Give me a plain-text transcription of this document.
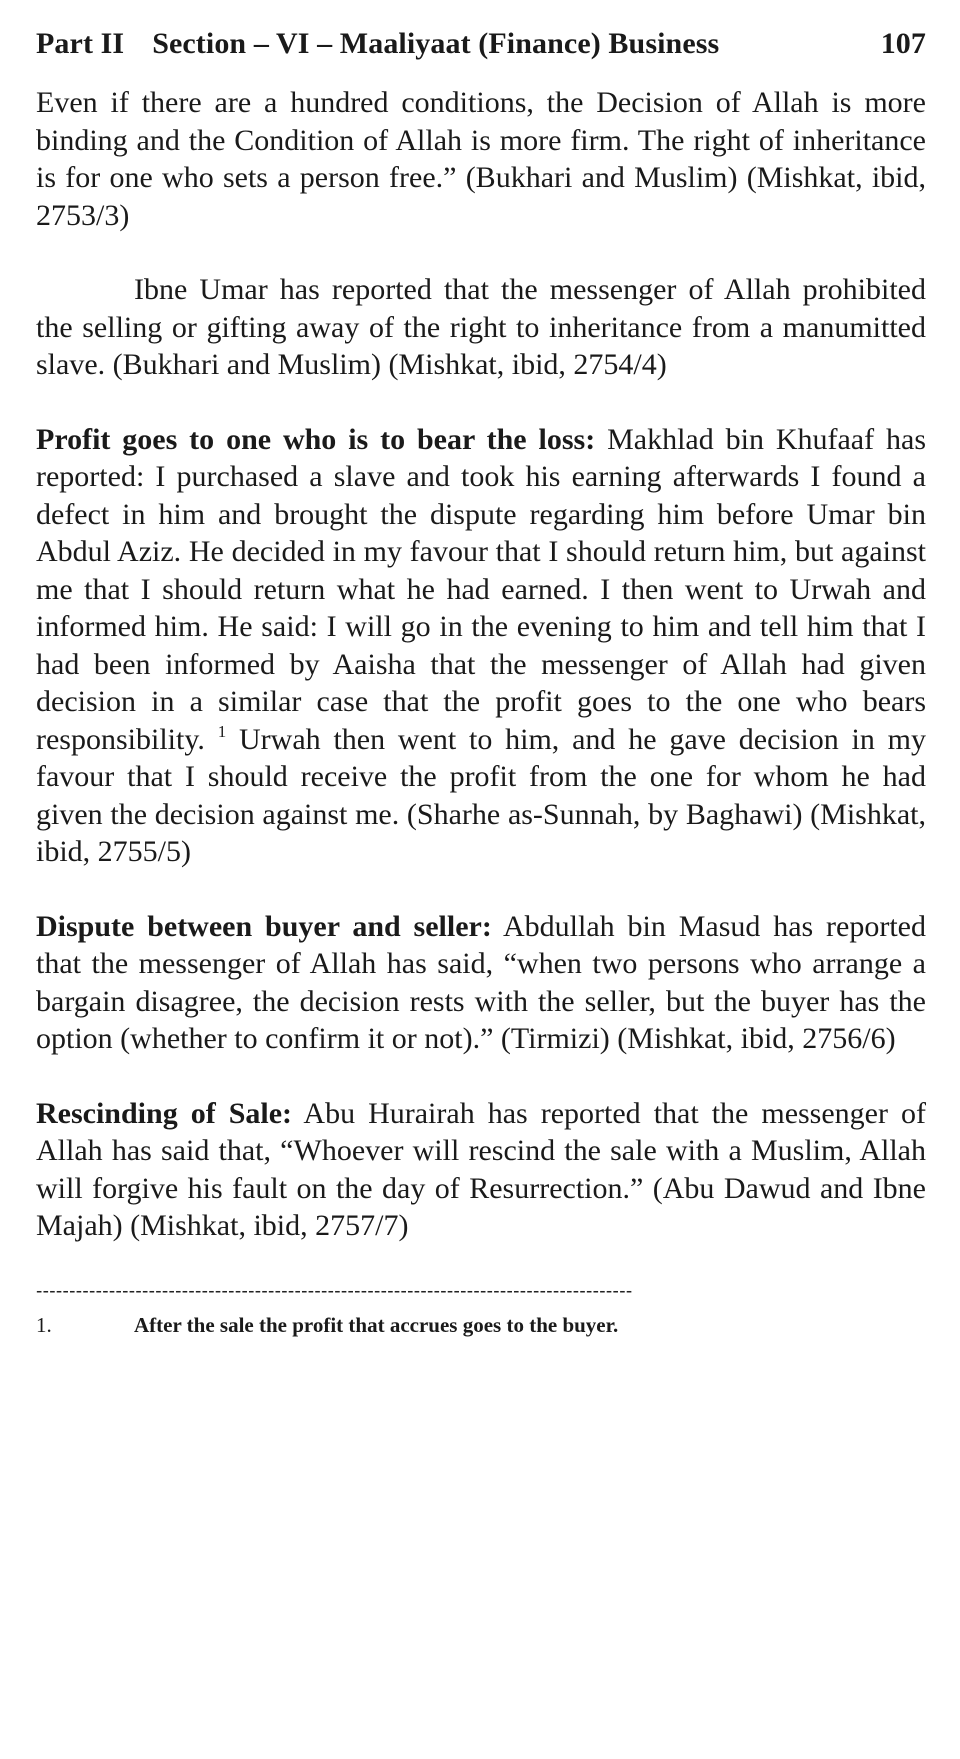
Part II Section – VI – Maaliyaat (Finance) Business	107

Even if there are a hundred conditions, the Decision of Allah is more binding and the Condition of Allah is more firm. The right of inheritance is for one who sets a person free.” (Bukhari and Muslim) (Mishkat, ibid, 2753/3)

Ibne Umar has reported that the messenger of Allah prohibited the selling or gifting away of the right to inheritance from a manumitted slave. (Bukhari and Muslim) (Mishkat, ibid, 2754/4)

Profit goes to one who is to bear the loss: Makhlad bin Khufaaf has reported: I purchased a slave and took his earning afterwards I found a defect in him and brought the dispute regarding him before Umar bin Abdul Aziz. He decided in my favour that I should return him, but against me that I should return what he had earned. I then went to Urwah and informed him. He said: I will go in the evening to him and tell him that I had been informed by Aaisha that the messenger of Allah had given decision in a similar case that the profit goes to the one who bears responsibility. $^1$ Urwah then went to him, and he gave decision in my favour that I should receive the profit from the one for whom he had given the decision against me. (Sharhe as-Sunnah, by Baghawi) (Mishkat, ibid, 2755/5)

Dispute between buyer and seller: Abdullah bin Masud has reported that the messenger of Allah has said, “when two persons who arrange a bargain disagree, the decision rests with the seller, but the buyer has the option (whether to confirm it or not).” (Tirmizi) (Mishkat, ibid, 2756/6)

Rescinding of Sale: Abu Hurairah has reported that the messenger of Allah has said that, “Whoever will rescind the sale with a Muslim, Allah will forgive his fault on the day of Resurrection.” (Abu Dawud and Ibne Majah) (Mishkat, ibid, 2757/7)

------------------------------------------------------------------------------------------
1.	After the sale the profit that accrues goes to the buyer.
